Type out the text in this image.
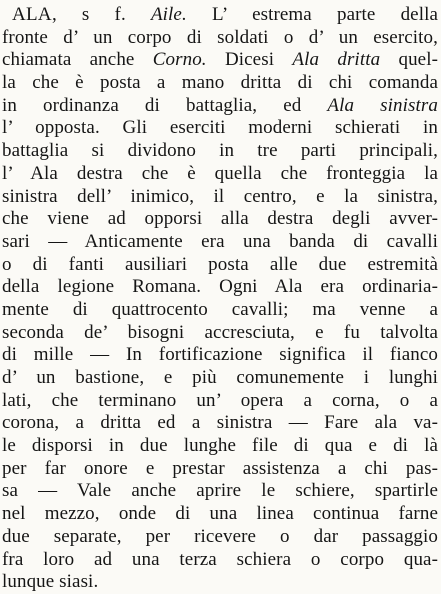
ALA, s f. Aile. L’ estrema parte della
fronte d’ un corpo di soldati o d’ un esercito,
chiamata anche Corno. Dicesi Ala dritta quel-
la che è posta a mano dritta di chi comanda
in ordinanza di battaglia, ed Ala sinistra
l’ opposta. Gli eserciti moderni schierati in
battaglia si dividono in tre parti principali,
l’ Ala destra che è quella che fronteggia la
sinistra dell’ inimico, il centro, e la sinistra,
che viene ad opporsi alla destra degli avver-
sari — Anticamente era una banda di cavalli
o di fanti ausiliari posta alle due estremità
della legione Romana. Ogni Ala era ordinaria-
mente di quattrocento cavalli; ma venne a
seconda de’ bisogni accresciuta, e fu talvolta
di mille — In fortificazione significa il fianco
d’ un bastione, e più comunemente i lunghi
lati, che terminano un’ opera a corna, o a
corona, a dritta ed a sinistra — Fare ala va-
le disporsi in due lunghe file di qua e di là
per far onore e prestar assistenza a chi pas-
sa — Vale anche aprire le schiere, spartirle
nel mezzo, onde di una linea continua farne
due separate, per ricevere o dar passaggio
fra loro ad una terza schiera o corpo qua-
lunque siasi.
